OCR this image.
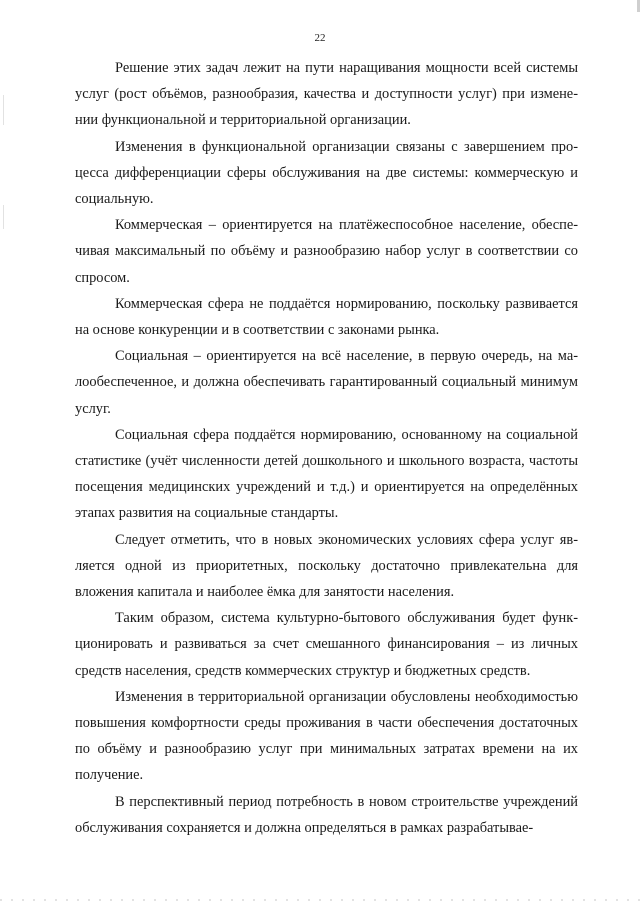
22

Решение этих задач лежит на пути наращивания мощности всей системы услуг (рост объёмов, разнообразия, качества и доступности услуг) при изменении функциональной и территориальной организации.

Изменения в функциональной организации связаны с завершением процесса дифференциации сферы обслуживания на две системы: коммерческую и социальную.

Коммерческая – ориентируется на платёжеспособное население, обеспечивая максимальный по объёму и разнообразию набор услуг в соответствии со спросом.

Коммерческая сфера не поддаётся нормированию, поскольку развивается на основе конкуренции и в соответствии с законами рынка.

Социальная – ориентируется на всё население, в первую очередь, на малообеспеченное, и должна обеспечивать гарантированный социальный минимум услуг.

Социальная сфера поддаётся нормированию, основанному на социальной статистике (учёт численности детей дошкольного и школьного возраста, частоты посещения медицинских учреждений и т.д.) и ориентируется на определённых этапах развития на социальные стандарты.

Следует отметить, что в новых экономических условиях сфера услуг является одной из приоритетных, поскольку достаточно привлекательна для вложения капитала и наиболее ёмка для занятости населения.

Таким образом, система культурно-бытового обслуживания будет функционировать и развиваться за счет смешанного финансирования – из личных средств населения, средств коммерческих структур и бюджетных средств.

Изменения в территориальной организации обусловлены необходимостью повышения комфортности среды проживания в части обеспечения достаточных по объёму и разнообразию услуг при минимальных затратах времени на их получение.

В перспективный период потребность в новом строительстве учреждений обслуживания сохраняется и должна определяться в рамках разрабатывае-
